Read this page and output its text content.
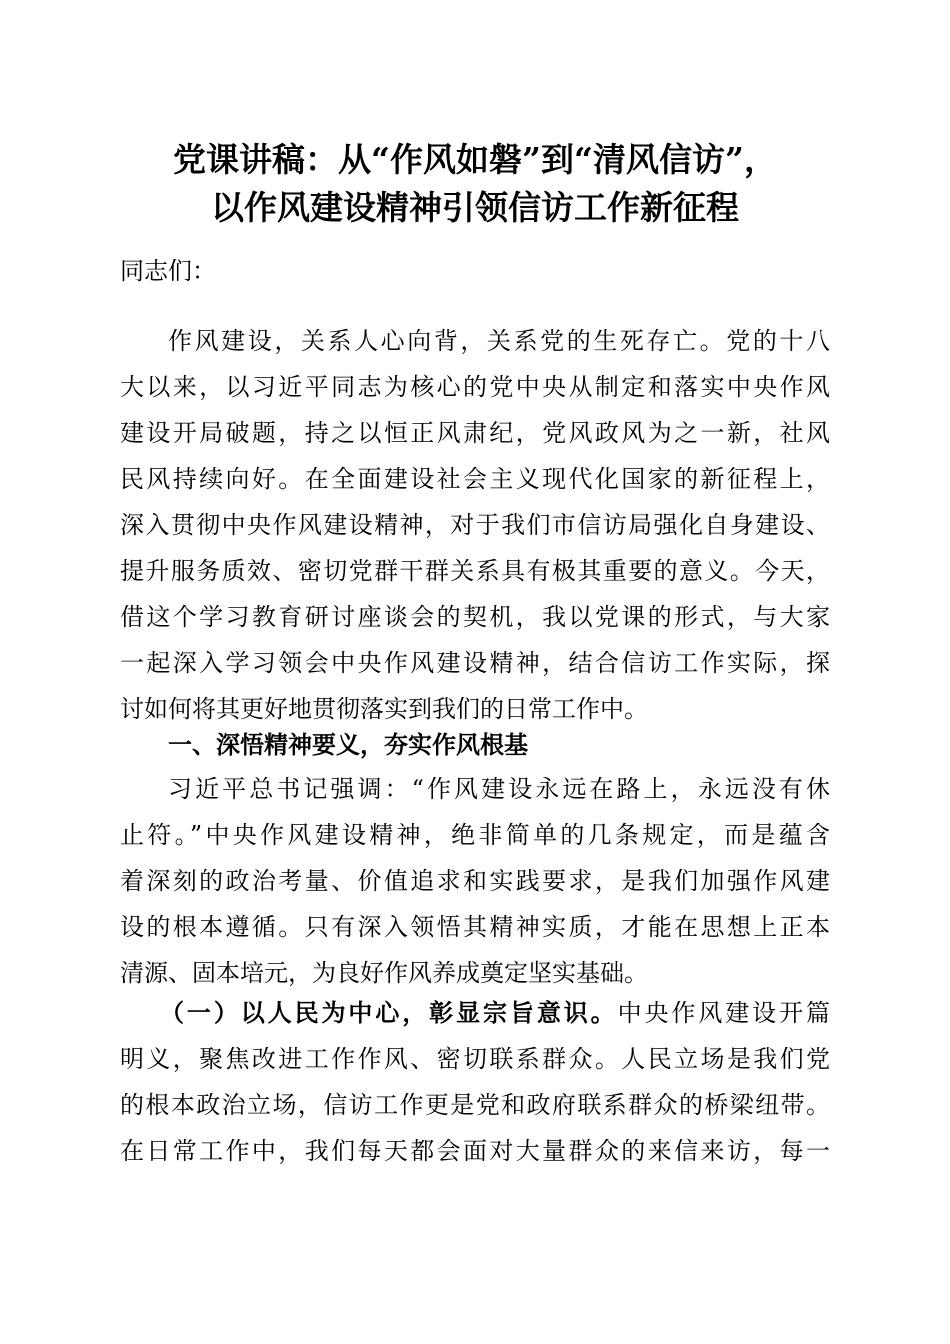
党课讲稿：从“作风如磐”到“清风信访”，
以作风建设精神引领信访工作新征程
同志们：
作风建设，关系人心向背，关系党的生死存亡。党的十八
大以来，以习近平同志为核心的党中央从制定和落实中央作风
建设开局破题，持之以恒正风肃纪，党风政风为之一新，社风
民风持续向好。在全面建设社会主义现代化国家的新征程上，
深入贯彻中央作风建设精神，对于我们市信访局强化自身建设、
提升服务质效、密切党群干群关系具有极其重要的意义。今天，
借这个学习教育研讨座谈会的契机，我以党课的形式，与大家
一起深入学习领会中央作风建设精神，结合信访工作实际，探
讨如何将其更好地贯彻落实到我们的日常工作中。
一、深悟精神要义，夯实作风根基
习近平总书记强调：“作风建设永远在路上，永远没有休
止符。”中央作风建设精神，绝非简单的几条规定，而是蕴含
着深刻的政治考量、价值追求和实践要求，是我们加强作风建
设的根本遵循。只有深入领悟其精神实质，才能在思想上正本
清源、固本培元，为良好作风养成奠定坚实基础。
（一）以人民为中心，彰显宗旨意识。中央作风建设开篇
明义，聚焦改进工作作风、密切联系群众。人民立场是我们党
的根本政治立场，信访工作更是党和政府联系群众的桥梁纽带。
在日常工作中，我们每天都会面对大量群众的来信来访，每一
